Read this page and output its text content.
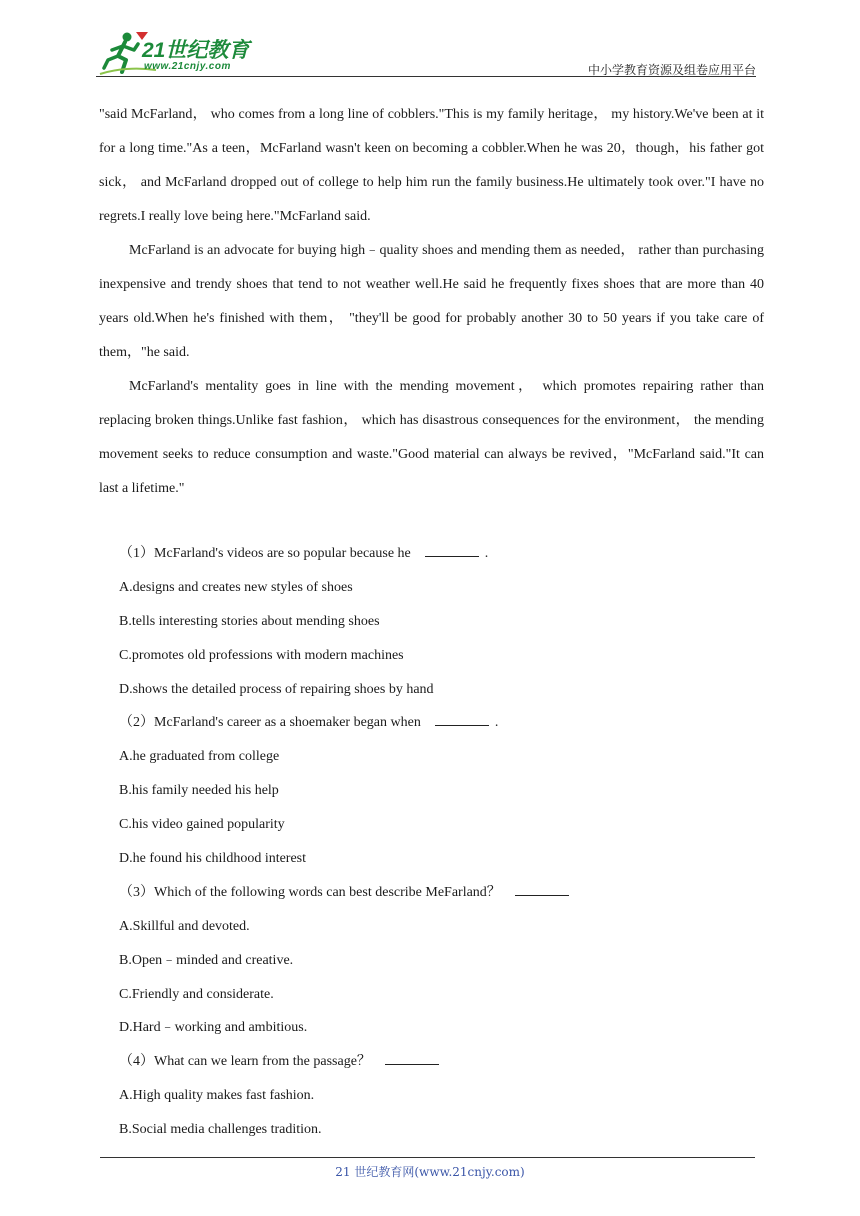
21世纪教育
www.21cnjy.com	中小学教育资源及组卷应用平台

"said McFarland， who comes from a long line of cobblers."This is my family heritage， my history.We've been at it for a long time."As a teen，McFarland wasn't keen on becoming a cobbler.When he was 20，though，his father got sick， and McFarland dropped out of college to help him run the family business.He ultimately took over."I have no regrets.I really love being here."McFarland said.

McFarland is an advocate for buying high﹣quality shoes and mending them as needed， rather than purchasing inexpensive and trendy shoes that tend to not weather well.He said he frequently fixes shoes that are more than 40 years old.When he's finished with them， "they'll be good for probably another 30 to 50 years if you take care of them，"he said.

McFarland's mentality goes in line with the mending movement， which promotes repairing rather than replacing broken things.Unlike fast fashion， which has disastrous consequences for the environment， the mending movement seeks to reduce consumption and waste."Good material can always be revived，"McFarland said."It can last a lifetime."

（1）McFarland's videos are so popular because he	.
A.designs and creates new styles of shoes
B.tells interesting stories about mending shoes
C.promotes old professions with modern machines
D.shows the detailed process of repairing shoes by hand
（2）McFarland's career as a shoemaker began when	.
A.he graduated from college
B.his family needed his help
C.his video gained popularity
D.he found his childhood interest
（3）Which of the following words can best describe MeFarland？
A.Skillful and devoted.
B.Open﹣minded and creative.
C.Friendly and considerate.
D.Hard﹣working and ambitious.
（4）What can we learn from the passage？
A.High quality makes fast fashion.
B.Social media challenges tradition.
21 世纪教育网(www.21cnjy.com)
